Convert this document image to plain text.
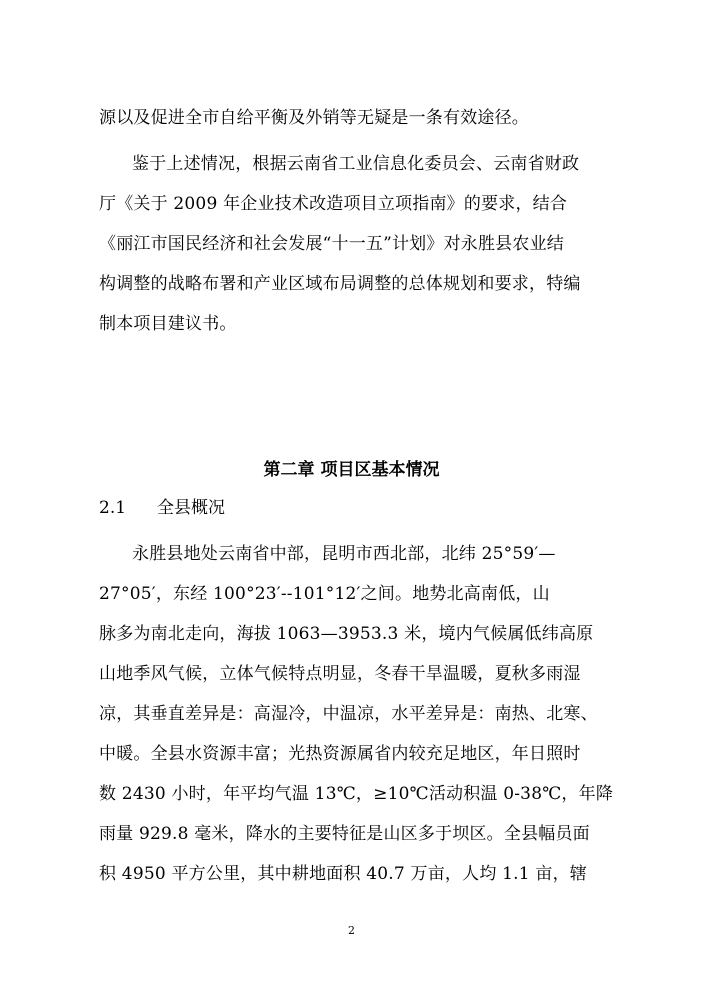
源以及促进全市自给平衡及外销等无疑是一条有效途径。
鉴于上述情况，根据云南省工业信息化委员会、云南省财政
厅《关于 2009 年企业技术改造项目立项指南》的要求，结合
《丽江市国民经济和社会发展“十一五”计划》对永胜县农业结
构调整的战略布署和产业区域布局调整的总体规划和要求，特编
制本项目建议书。
第二章 项目区基本情况
2.1 全县概况
永胜县地处云南省中部，昆明市西北部，北纬 25°59′—
27°05′，东经 100°23′--101°12′之间。地势北高南低，山
脉多为南北走向，海拔 1063—3953.3 米，境内气候属低纬高原
山地季风气候，立体气候特点明显，冬春干旱温暖，夏秋多雨湿
凉，其垂直差异是：高湿冷，中温凉，水平差异是：南热、北寒、
中暖。全县水资源丰富；光热资源属省内较充足地区，年日照时
数 2430 小时，年平均气温 13℃，≥10℃活动积温 0-38℃，年降
雨量 929.8 毫米，降水的主要特征是山区多于坝区。全县幅员面
积 4950 平方公里，其中耕地面积 40.7 万亩，人均 1.1 亩，辖
2
